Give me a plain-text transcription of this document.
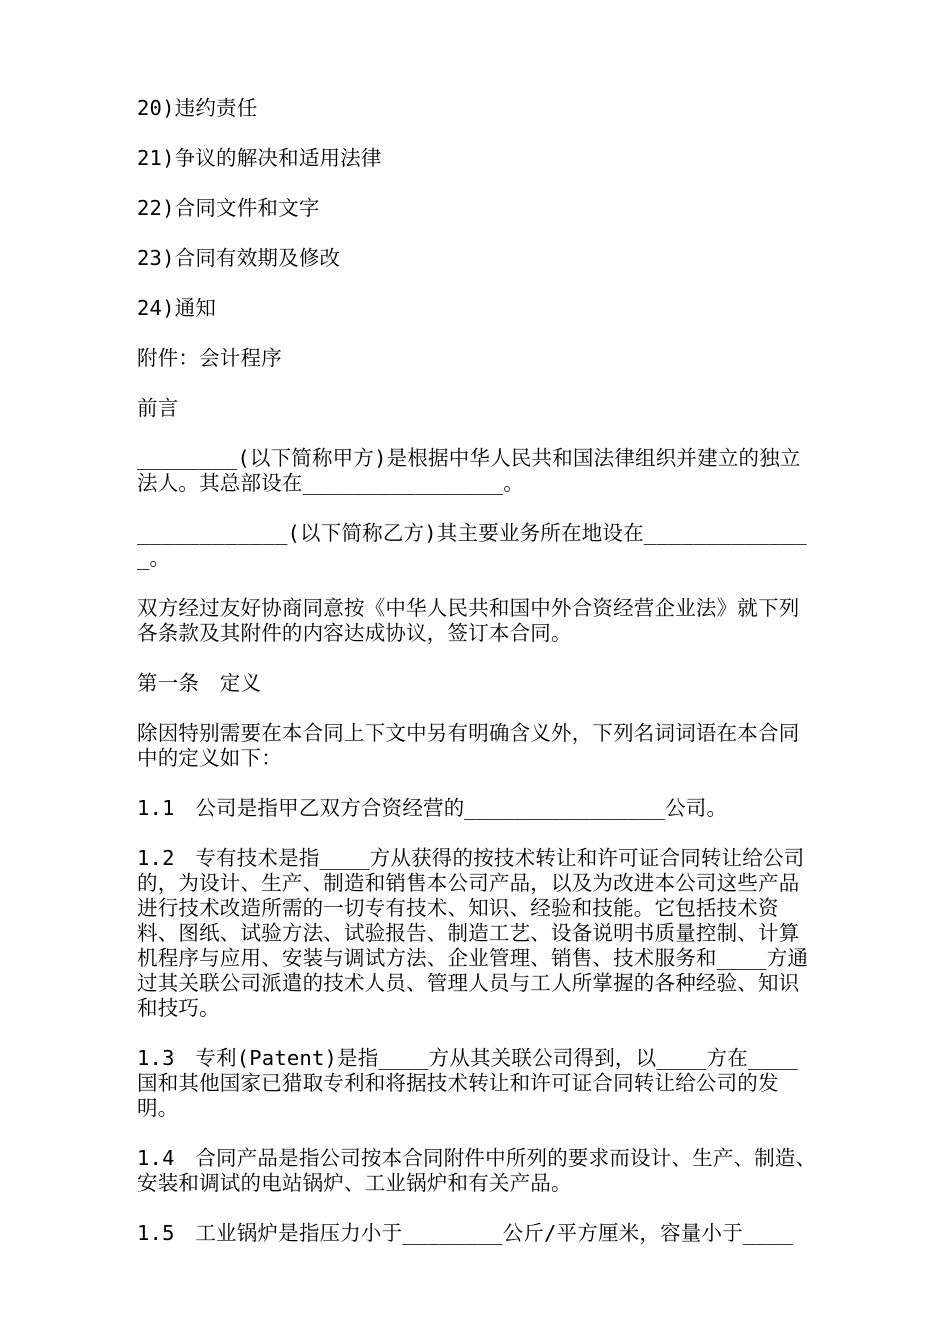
20)违约责任

21)争议的解决和适用法律

22)合同文件和文字

23)合同有效期及修改

24)通知

附件：会计程序

前言

________(以下简称甲方)是根据中华人民共和国法律组织并建立的独立法人。其总部设在________________。

____________(以下简称乙方)其主要业务所在地设在______________。

双方经过友好协商同意按《中华人民共和国中外合资经营企业法》就下列各条款及其附件的内容达成协议，签订本合同。

第一条　定义

除因特别需要在本合同上下文中另有明确含义外，下列名词词语在本合同中的定义如下：

1.1　公司是指甲乙双方合资经营的________________公司。

1.2　专有技术是指____方从获得的按技术转让和许可证合同转让给公司的，为设计、生产、制造和销售本公司产品，以及为改进本公司这些产品进行技术改造所需的一切专有技术、知识、经验和技能。它包括技术资料、图纸、试验方法、试验报告、制造工艺、设备说明书质量控制、计算机程序与应用、安装与调试方法、企业管理、销售、技术服务和____方通过其关联公司派遣的技术人员、管理人员与工人所掌握的各种经验、知识和技巧。

1.3　专利(Patent)是指____方从其关联公司得到，以____方在____国和其他国家已猎取专利和将据技术转让和许可证合同转让给公司的发明。

1.4　合同产品是指公司按本合同附件中所列的要求而设计、生产、制造、安装和调试的电站锅炉、工业锅炉和有关产品。

1.5　工业锅炉是指压力小于________公斤/平方厘米，容量小于____
